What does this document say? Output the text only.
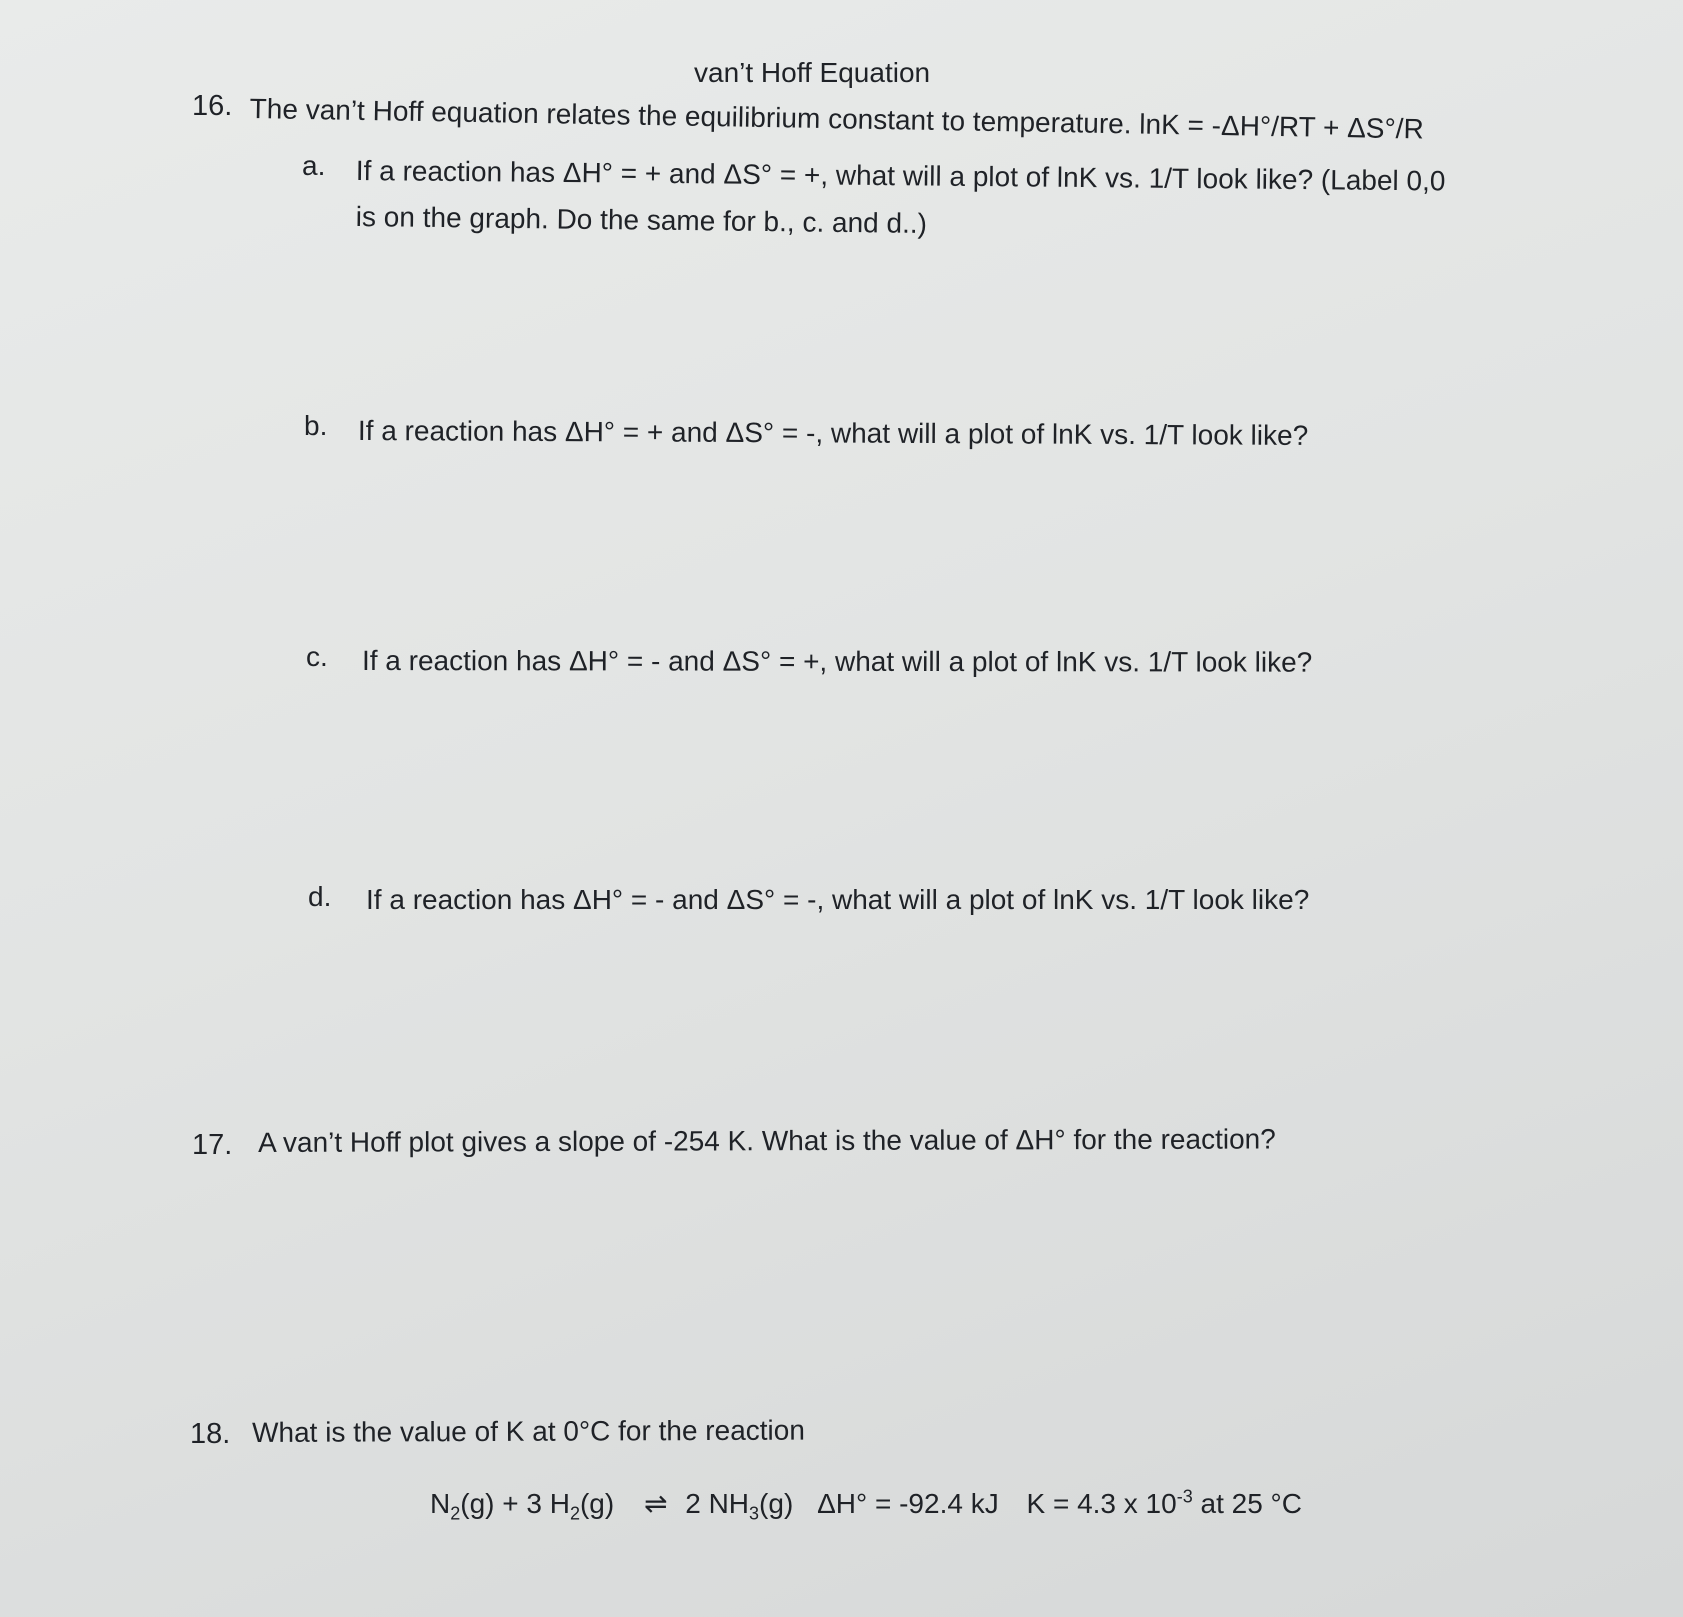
van’t Hoff Equation
16. The van’t Hoff equation relates the equilibrium constant to temperature. lnK = -ΔH°/RT + ΔS°/R
a. If a reaction has ΔH° = + and ΔS° = +, what will a plot of lnK vs. 1/T look like? (Label 0,0
is on the graph. Do the same for b., c. and d..)
b. If a reaction has ΔH° = + and ΔS° = -, what will a plot of lnK vs. 1/T look like?
c. If a reaction has ΔH° = - and ΔS° = +, what will a plot of lnK vs. 1/T look like?
d. If a reaction has ΔH° = - and ΔS° = -, what will a plot of lnK vs. 1/T look like?
17. A van’t Hoff plot gives a slope of -254 K. What is the value of ΔH° for the reaction?
18. What is the value of K at 0°C for the reaction
$N_2(g) + 3$ $H_2(g)$ ⇌ 2 $NH_3(g) \Delta H^\circ = -92.4$ kJ K = 4.3 x $10^{-3}$ at 25 °C
